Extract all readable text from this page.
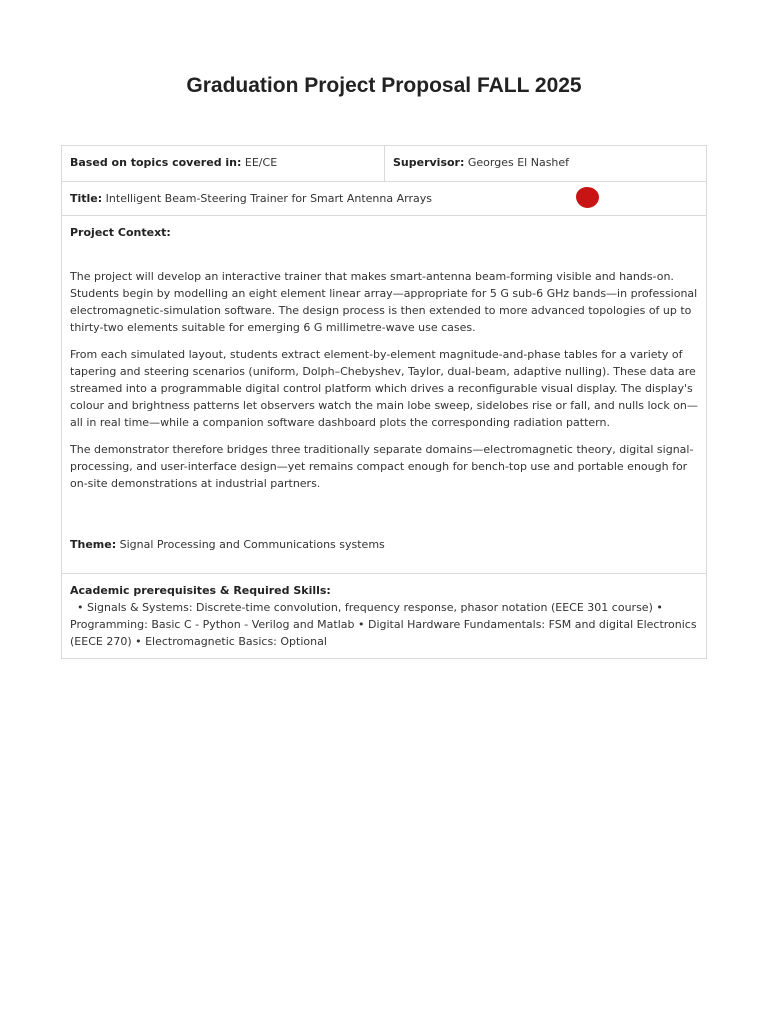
Graduation Project Proposal FALL 2025
Based on topics covered in: EE/CE	Supervisor: Georges El Nashef
Title: Intelligent Beam-Steering Trainer for Smart Antenna Arrays
Project Context:

The project will develop an interactive trainer that makes smart-antenna beam-forming visible and hands-on. Students begin by modelling an eight element linear array—appropriate for 5 G sub-6 GHz bands—in professional electromagnetic-simulation software. The design process is then extended to more advanced topologies of up to thirty-two elements suitable for emerging 6 G millimetre-wave use cases.

From each simulated layout, students extract element-by-element magnitude-and-phase tables for a variety of tapering and steering scenarios (uniform, Dolph–Chebyshev, Taylor, dual-beam, adaptive nulling). These data are streamed into a programmable digital control platform which drives a reconfigurable visual display. The display's colour and brightness patterns let observers watch the main lobe sweep, sidelobes rise or fall, and nulls lock on—all in real time—while a companion software dashboard plots the corresponding radiation pattern.

The demonstrator therefore bridges three traditionally separate domains—electromagnetic theory, digital signal-processing, and user-interface design—yet remains compact enough for bench-top use and portable enough for on-site demonstrations at industrial partners.

Theme: Signal Processing and Communications systems
Academic prerequisites & Required Skills:
• Signals & Systems: Discrete-time convolution, frequency response, phasor notation (EECE 301 course) • Programming: Basic C - Python - Verilog and Matlab • Digital Hardware Fundamentals: FSM and digital Electronics (EECE 270) • Electromagnetic Basics: Optional
